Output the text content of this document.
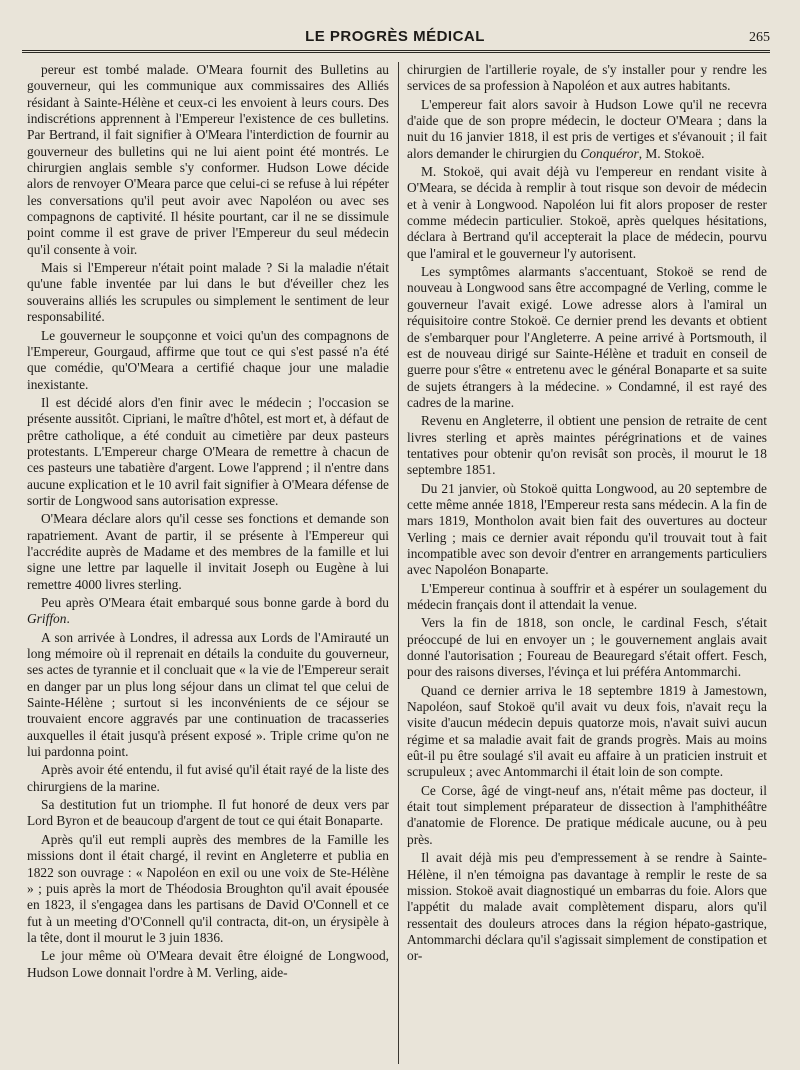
LE PROGRÈS MÉDICAL	265

pereur est tombé malade. O'Meara fournit des Bulletins au gouverneur, qui les communique aux commissaires des Alliés résidant à Sainte-Hélène et ceux-ci les envoient à leurs cours. Des indiscrétions apprennent à l'Empereur l'existence de ces bulletins. Par Bertrand, il fait signifier à O'Meara l'interdiction de fournir au gouverneur des bulletins qui ne lui aient point été montrés. Le chirurgien anglais semble s'y conformer. Hudson Lowe décide alors de renvoyer O'Meara parce que celui-ci se refuse à lui répéter les conversations qu'il peut avoir avec Napoléon ou avec ses compagnons de captivité. Il hésite pourtant, car il ne se dissimule point comme il est grave de priver l'Empereur du seul médecin qu'il consente à voir.

Mais si l'Empereur n'était point malade ? Si la maladie n'était qu'une fable inventée par lui dans le but d'éveiller chez les souverains alliés les scrupules ou simplement le sentiment de leur responsabilité.

Le gouverneur le soupçonne et voici qu'un des compagnons de l'Empereur, Gourgaud, affirme que tout ce qui s'est passé n'a été que comédie, qu'O'Meara a certifié chaque jour une maladie inexistante.

Il est décidé alors d'en finir avec le médecin ; l'occasion se présente aussitôt. Cipriani, le maître d'hôtel, est mort et, à défaut de prêtre catholique, a été conduit au cimetière par deux pasteurs protestants. L'Empereur charge O'Meara de remettre à chacun de ces pasteurs une tabatière d'argent. Lowe l'apprend ; il n'entre dans aucune explication et le 10 avril fait signifier à O'Meara défense de sortir de Longwood sans autorisation expresse.

O'Meara déclare alors qu'il cesse ses fonctions et demande son rapatriement. Avant de partir, il se présente à l'Empereur qui l'accrédite auprès de Madame et des membres de la famille et lui signe une lettre par laquelle il invitait Joseph ou Eugène à lui remettre 4000 livres sterling.

Peu après O'Meara était embarqué sous bonne garde à bord du Griffon.

A son arrivée à Londres, il adressa aux Lords de l'Amirauté un long mémoire où il reprenait en détails la conduite du gouverneur, ses actes de tyrannie et il concluait que « la vie de l'Empereur serait en danger par un plus long séjour dans un climat tel que celui de Sainte-Hélène ; surtout si les inconvénients de ce séjour se trouvaient encore aggravés par une continuation de tracasseries auxquelles il était jusqu'à présent exposé ». Triple crime qu'on ne lui pardonna point.

Après avoir été entendu, il fut avisé qu'il était rayé de la liste des chirurgiens de la marine.

Sa destitution fut un triomphe. Il fut honoré de deux vers par Lord Byron et de beaucoup d'argent de tout ce qui était Bonaparte.

Après qu'il eut rempli auprès des membres de la Famille les missions dont il était chargé, il revint en Angleterre et publia en 1822 son ouvrage : « Napoléon en exil ou une voix de Ste-Hélène » ; puis après la mort de Théodosia Broughton qu'il avait épousée en 1823, il s'engagea dans les partisans de David O'Connell et ce fut à un meeting d'O'Connell qu'il contracta, dit-on, un érysipèle à la tête, dont il mourut le 3 juin 1836.

Le jour même où O'Meara devait être éloigné de Longwood, Hudson Lowe donnait l'ordre à M. Verling, aide-

chirurgien de l'artillerie royale, de s'y installer pour y rendre les services de sa profession à Napoléon et aux autres habitants.

L'empereur fait alors savoir à Hudson Lowe qu'il ne recevra d'aide que de son propre médecin, le docteur O'Meara ; dans la nuit du 16 janvier 1818, il est pris de vertiges et s'évanouit ; il fait alors demander le chirurgien du Conquéror, M. Stokoë.

M. Stokoë, qui avait déjà vu l'empereur en rendant visite à O'Meara, se décida à remplir à tout risque son devoir de médecin et à venir à Longwood. Napoléon lui fit alors proposer de rester comme médecin particulier. Stokoë, après quelques hésitations, déclara à Bertrand qu'il accepterait la place de médecin, pourvu que l'amiral et le gouverneur l'y autorisent.

Les symptômes alarmants s'accentuant, Stokoë se rend de nouveau à Longwood sans être accompagné de Verling, comme le gouverneur l'avait exigé. Lowe adresse alors à l'amiral un réquisitoire contre Stokoë. Ce dernier prend les devants et obtient de s'embarquer pour l'Angleterre. A peine arrivé à Portsmouth, il est de nouveau dirigé sur Sainte-Hélène et traduit en conseil de guerre pour s'être « entretenu avec le général Bonaparte et sa suite de sujets étrangers à la médecine. » Condamné, il est rayé des cadres de la marine.

Revenu en Angleterre, il obtient une pension de retraite de cent livres sterling et après maintes pérégrinations et de vaines tentatives pour obtenir qu'on revisât son procès, il mourut le 18 septembre 1851.

Du 21 janvier, où Stokoë quitta Longwood, au 20 septembre de cette même année 1818, l'Empereur resta sans médecin. A la fin de mars 1819, Montholon avait bien fait des ouvertures au docteur Verling ; mais ce dernier avait répondu qu'il trouvait tout à fait incompatible avec son devoir d'entrer en arrangements particuliers avec Napoléon Bonaparte.

L'Empereur continua à souffrir et à espérer un soulagement du médecin français dont il attendait la venue.

Vers la fin de 1818, son oncle, le cardinal Fesch, s'était préoccupé de lui en envoyer un ; le gouvernement anglais avait donné l'autorisation ; Foureau de Beauregard s'était offert. Fesch, pour des raisons diverses, l'évinça et lui préféra Antommarchi.

Quand ce dernier arriva le 18 septembre 1819 à Jamestown, Napoléon, sauf Stokoë qu'il avait vu deux fois, n'avait reçu la visite d'aucun médecin depuis quatorze mois, n'avait suivi aucun régime et sa maladie avait fait de grands progrès. Mais au moins eût-il pu être soulagé s'il avait eu affaire à un praticien instruit et scrupuleux ; avec Antommarchi il était loin de son compte.

Ce Corse, âgé de vingt-neuf ans, n'était même pas docteur, il était tout simplement préparateur de dissection à l'amphithéâtre d'anatomie de Florence. De pratique médicale aucune, ou à peu près.

Il avait déjà mis peu d'empressement à se rendre à Sainte-Hélène, il n'en témoigna pas davantage à remplir le reste de sa mission. Stokoë avait diagnostiqué un embarras du foie. Alors que l'appétit du malade avait complètement disparu, alors qu'il ressentait des douleurs atroces dans la région hépato-gastrique, Antommarchi déclara qu'il s'agissait simplement de constipation et or-
